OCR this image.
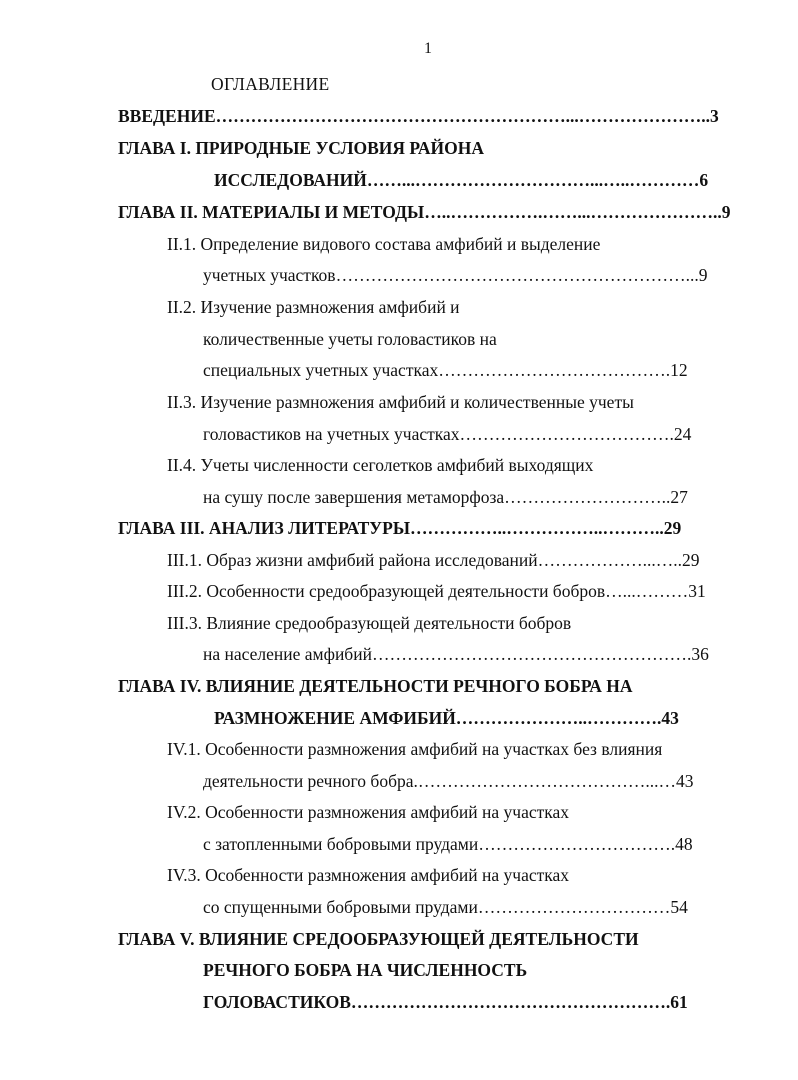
1
ОГЛАВЛЕНИЕ
ВВЕДЕНИЕ……………………………………………………...…………………..3
ГЛАВА I. ПРИРОДНЫЕ УСЛОВИЯ РАЙОНА
ИССЛЕДОВАНИЙ……...…………………………...…..…………6
ГЛАВА II. МАТЕРИАЛЫ И МЕТОДЫ…..…………….……...…………………..9
II.1. Определение видового состава амфибий и выделение
учетных участков……………………………………………………...9
II.2. Изучение размножения амфибий и
количественные учеты головастиков на
специальных учетных участках………………………………….12
II.3. Изучение размножения амфибий и количественные учеты
головастиков на учетных участках……………………………….24
II.4. Учеты численности сеголетков амфибий выходящих
на сушу после завершения метаморфоза………………………..27
ГЛАВА III. АНАЛИЗ ЛИТЕРАТУРЫ……………..……………..………..29
III.1. Образ жизни амфибий района исследований………………...…..29
III.2. Особенности средообразующей деятельности бобров…...………31
III.3. Влияние средообразующей деятельности бобров
на население амфибий……………………………………………….36
ГЛАВА IV. ВЛИЯНИЕ ДЕЯТЕЛЬНОСТИ РЕЧНОГО БОБРА НА
РАЗМНОЖЕНИЕ АМФИБИЙ…………………..………….43
IV.1. Особенности размножения амфибий на участках без влияния
деятельности речного бобра.…………………………………...…43
IV.2. Особенности размножения амфибий на участках
с затопленными бобровыми прудами…………………………….48
IV.3. Особенности размножения амфибий на участках
со спущенными бобровыми прудами……………………………54
ГЛАВА V. ВЛИЯНИЕ СРЕДООБРАЗУЮЩЕЙ ДЕЯТЕЛЬНОСТИ
РЕЧНОГО БОБРА НА ЧИСЛЕННОСТЬ
ГОЛОВАСТИКОВ……………………………………………….61
